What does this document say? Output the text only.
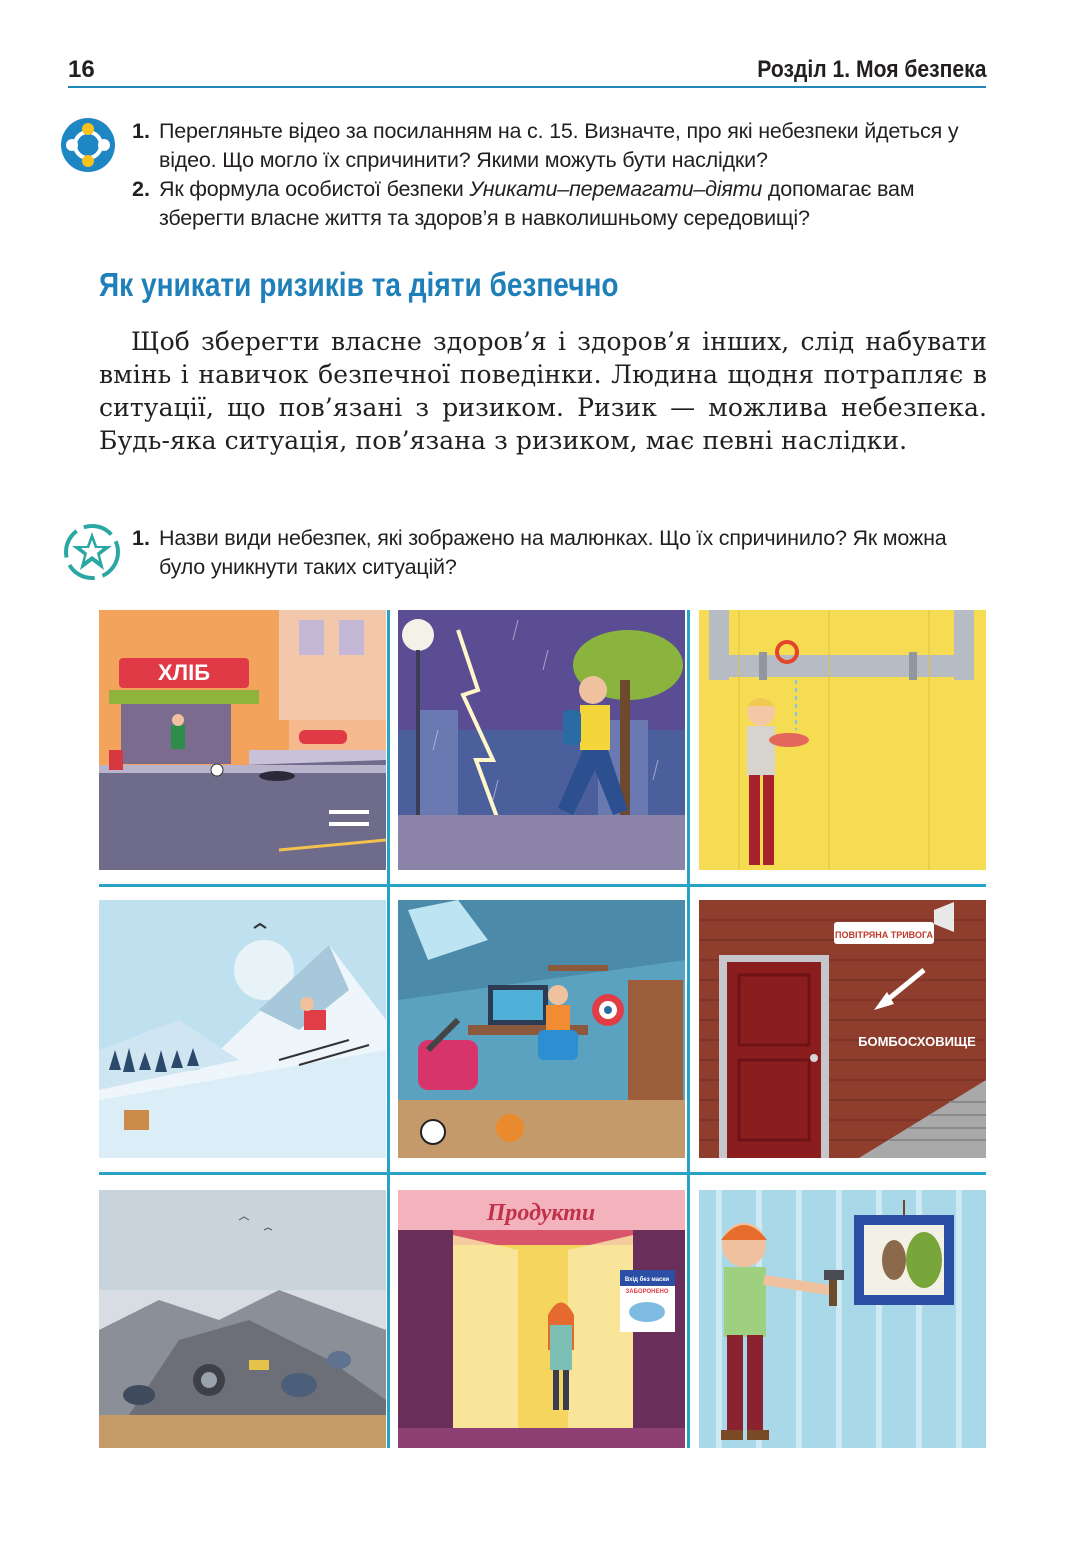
16	Розділ 1. Моя безпека
1. Перегляньте відео за посиланням на с. 15. Визначте, про які небезпеки йдеться у відео. Що могло їх спричинити? Якими можуть бути наслідки?
2. Як формула особистої безпеки Уникати–перемагати–діяти допомагає вам зберегти власне життя та здоров’я в навколишньому середовищі?
Як уникати ризиків та діяти безпечно
Щоб зберегти власне здоров’я і здоров’я інших, слід набувати вмінь і навичок безпечної поведінки. Людина щодня потрапляє в ситуації, що пов’язані з ризиком. Ризик — можлива небезпека. Будь-яка ситуація, пов’язана з ризиком, має певні наслідки.
1. Назви види небезпек, які зображено на малюнках. Що їх спричинило? Як можна було уникнути таких ситуацій?
ХЛІБ
ПОВІТРЯНА ТРИВОГА
БОМБОСХОВИЩЕ
Продукти
Вхід без маски
ЗАБОРОНЕНО
